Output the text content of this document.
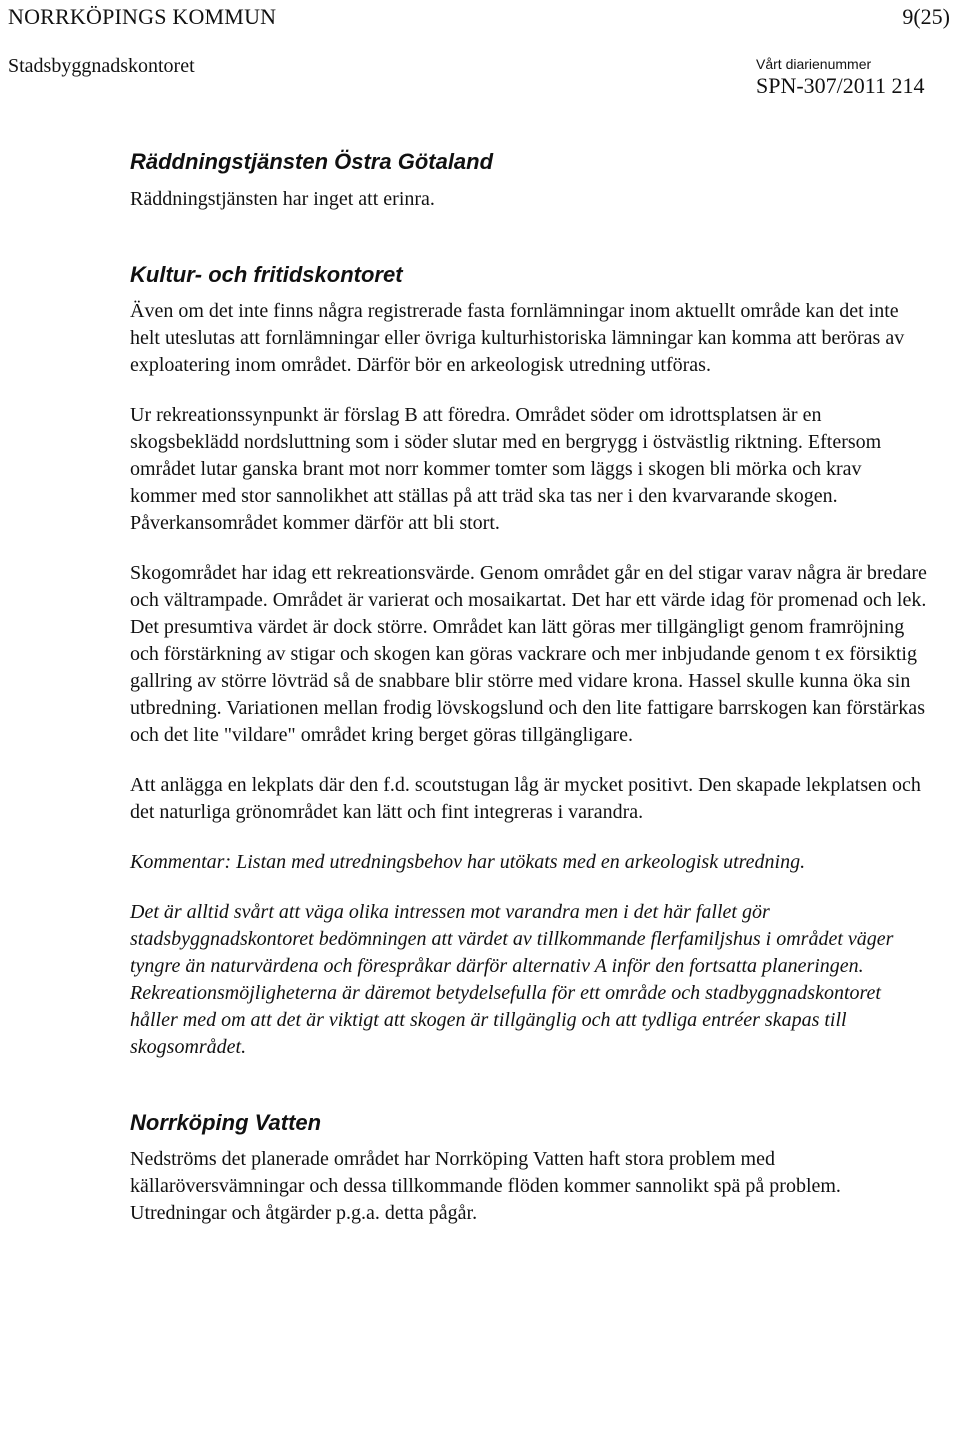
NORRKÖPINGS KOMMUN	9(25)
Stadsbyggnadskontoret	Vårt diarienummer
SPN-307/2011 214
Räddningstjänsten Östra Götaland

Räddningstjänsten har inget att erinra.

Kultur- och fritidskontoret

Även om det inte finns några registrerade fasta fornlämningar inom aktuellt område kan det inte helt uteslutas att fornlämningar eller övriga kulturhistoriska lämningar kan komma att beröras av exploatering inom området. Därför bör en arkeologisk utredning utföras.

Ur rekreationssynpunkt är förslag B att föredra. Området söder om idrottsplatsen är en skogsbeklädd nordsluttning som i söder slutar med en bergrygg i östvästlig riktning. Eftersom området lutar ganska brant mot norr kommer tomter som läggs i skogen bli mörka och krav kommer med stor sannolikhet att ställas på att träd ska tas ner i den kvarvarande skogen. Påverkansområdet kommer därför att bli stort.

Skogområdet har idag ett rekreationsvärde. Genom området går en del stigar varav några är bredare och vältrampade. Området är varierat och mosaikartat. Det har ett värde idag för promenad och lek. Det presumtiva värdet är dock större. Området kan lätt göras mer tillgängligt genom framröjning och förstärkning av stigar och skogen kan göras vackrare och mer inbjudande genom t ex försiktig gallring av större lövträd så de snabbare blir större med vidare krona. Hassel skulle kunna öka sin utbredning. Variationen mellan frodig lövskogslund och den lite fattigare barrskogen kan förstärkas och det lite "vildare" området kring berget göras tillgängligare.

Att anlägga en lekplats där den f.d. scoutstugan låg är mycket positivt. Den skapade lekplatsen och det naturliga grönområdet kan lätt och fint integreras i varandra.

Kommentar: Listan med utredningsbehov har utökats med en arkeologisk utredning.

Det är alltid svårt att väga olika intressen mot varandra men i det här fallet gör stadsbyggnadskontoret bedömningen att värdet av tillkommande flerfamiljshus i området väger tyngre än naturvärdena och förespråkar därför alternativ A inför den fortsatta planeringen.

Rekreationsmöjligheterna är däremot betydelsefulla för ett område och stadbyggnadskontoret håller med om att det är viktigt att skogen är tillgänglig och att tydliga entréer skapas till skogsområdet.

Norrköping Vatten

Nedströms det planerade området har Norrköping Vatten haft stora problem med källaröversvämningar och dessa tillkommande flöden kommer sannolikt spä på problem. Utredningar och åtgärder p.g.a. detta pågår.
